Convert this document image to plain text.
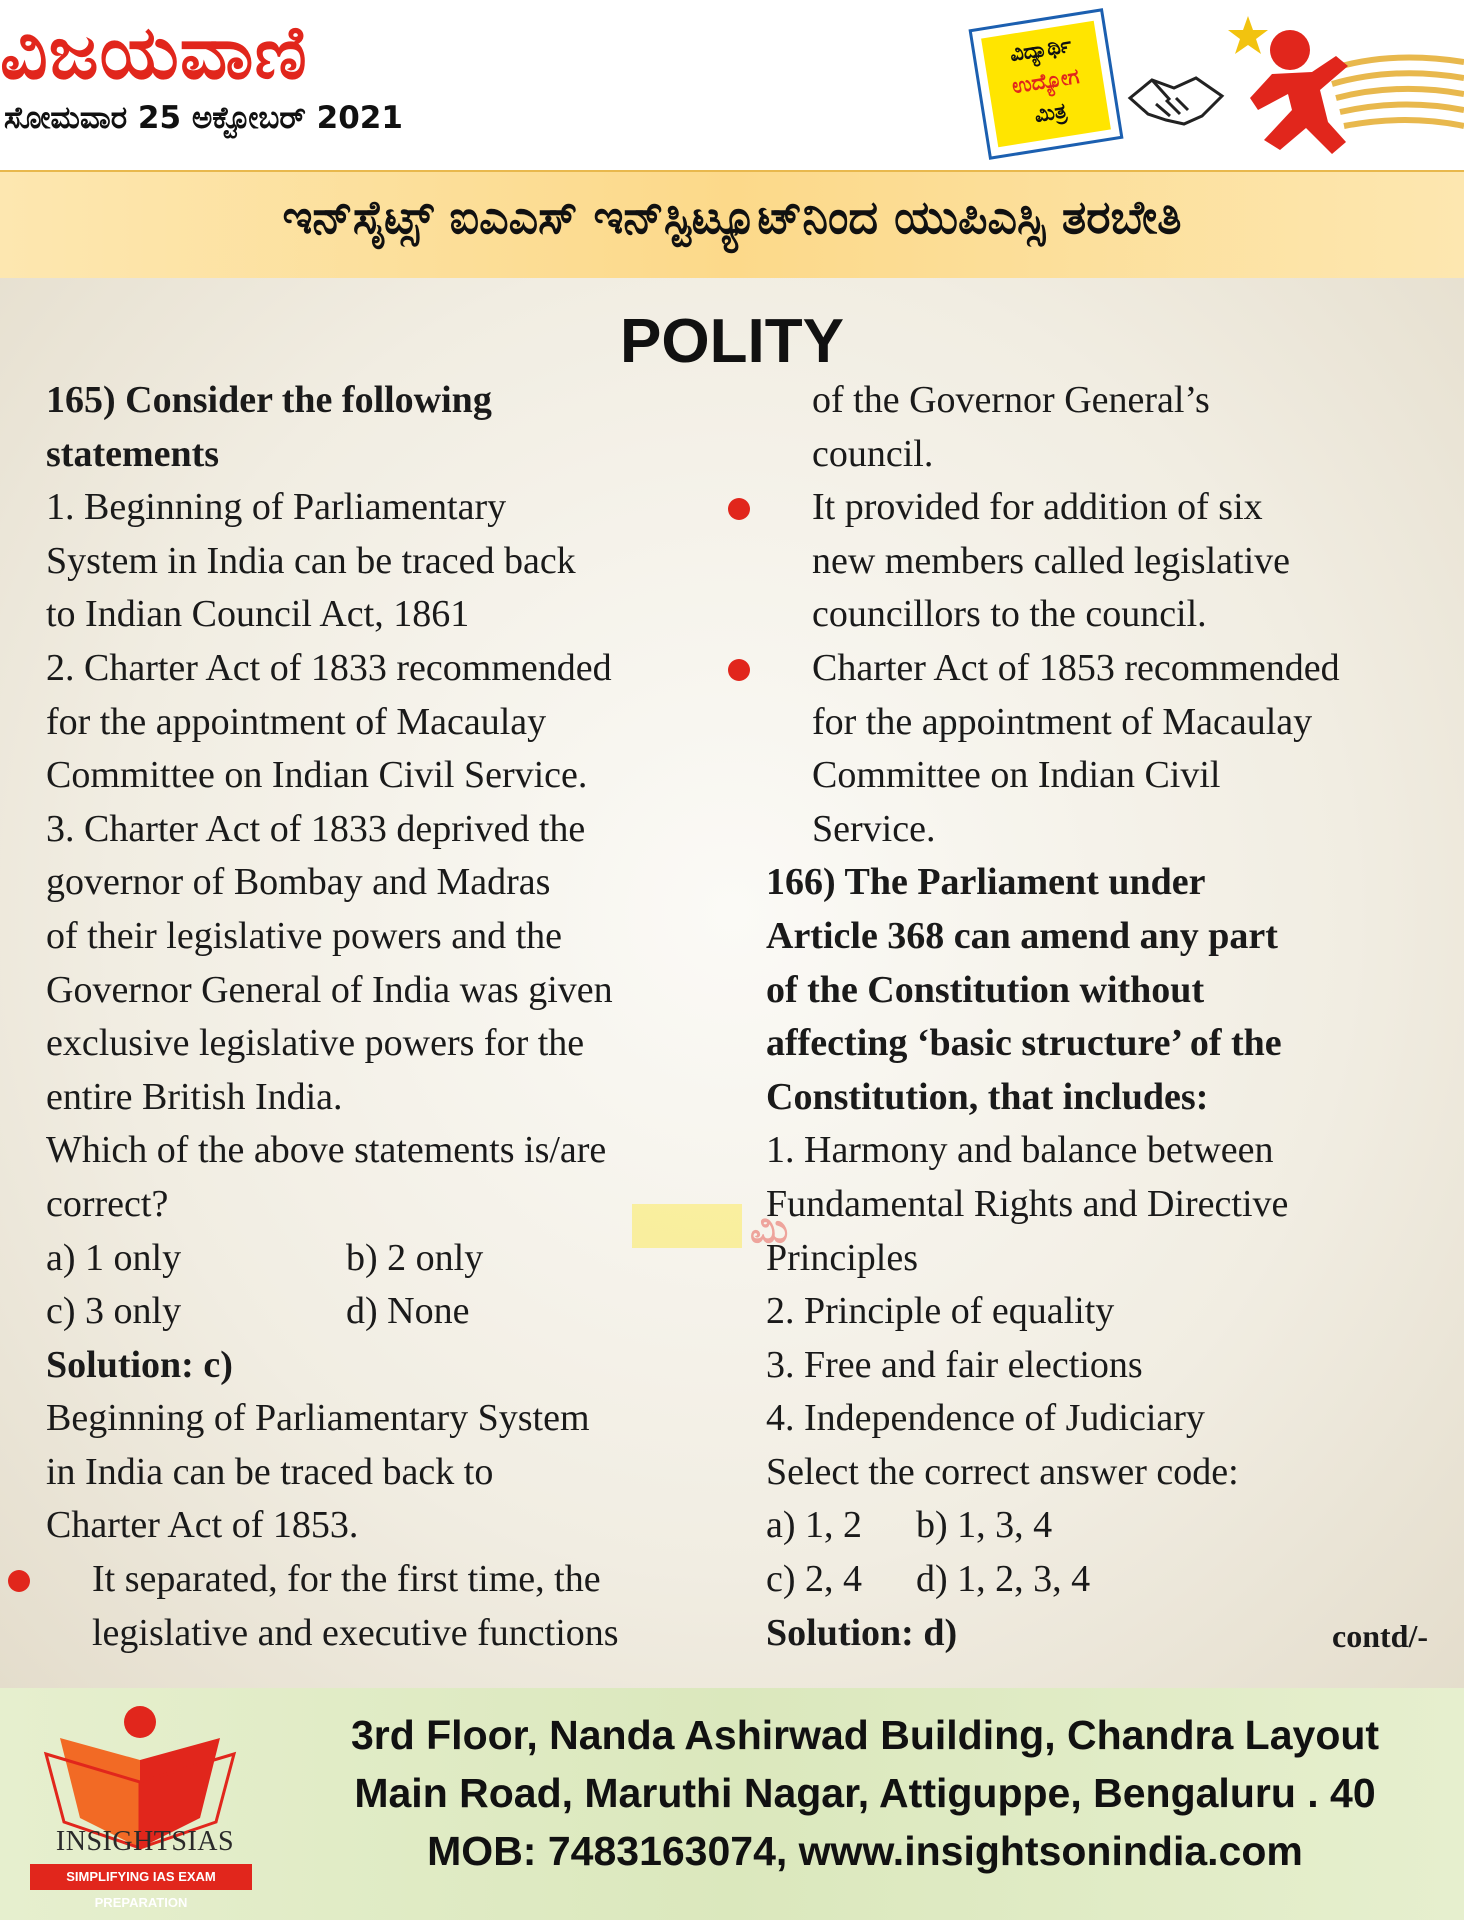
ವಿಜಯವಾಣಿ
ಸೋಮವಾರ 25 ಅಕ್ಟೋಬರ್ 2021
ವಿದ್ಯಾರ್ಥಿ
ಉದ್ಯೋಗ
ಮಿತ್ರ
ಇನ್‌ಸೈಟ್ಸ್ ಐಎಎಸ್ ಇನ್‌ಸ್ಟಿಟ್ಯೂಟ್‌ನಿಂದ ಯುಪಿಎಸ್ಸಿ ತರಬೇತಿ
POLITY
165) Consider the following
statements
1. Beginning of Parliamentary
System in India can be traced back
to Indian Council Act, 1861
2. Charter Act of 1833 recommended
for the appointment of Macaulay
Committee on Indian Civil Service.
3. Charter Act of 1833 deprived the
governor of Bombay and Madras
of their legislative powers and the
Governor General of India was given
exclusive legislative powers for the
entire British India.
Which of the above statements is/are
correct?
a) 1 only	b) 2 only
c) 3 only	d) None
Solution: c)
Beginning of Parliamentary System
in India can be traced back to
Charter Act of 1853.
It separated, for the first time, the
legislative and executive functions
of the Governor General’s
council.
It provided for addition of six
new members called legislative
councillors to the council.
Charter Act of 1853 recommended
for the appointment of Macaulay
Committee on Indian Civil
Service.
166) The Parliament under
Article 368 can amend any part
of the Constitution without
affecting ‘basic structure’ of the
Constitution, that includes:
1. Harmony and balance between
Fundamental Rights and Directive
Principles
2. Principle of equality
3. Free and fair elections
4. Independence of Judiciary
Select the correct answer code:
a) 1, 2 b) 1, 3, 4
c) 2, 4 d) 1, 2, 3, 4
Solution: d)
ಮಿ
contd/-
INSIGHTSIAS
SIMPLIFYING IAS EXAM PREPARATION
3rd Floor, Nanda Ashirwad Building, Chandra Layout
Main Road, Maruthi Nagar, Attiguppe, Bengaluru . 40
MOB: 7483163074, www.insightsonindia.com
